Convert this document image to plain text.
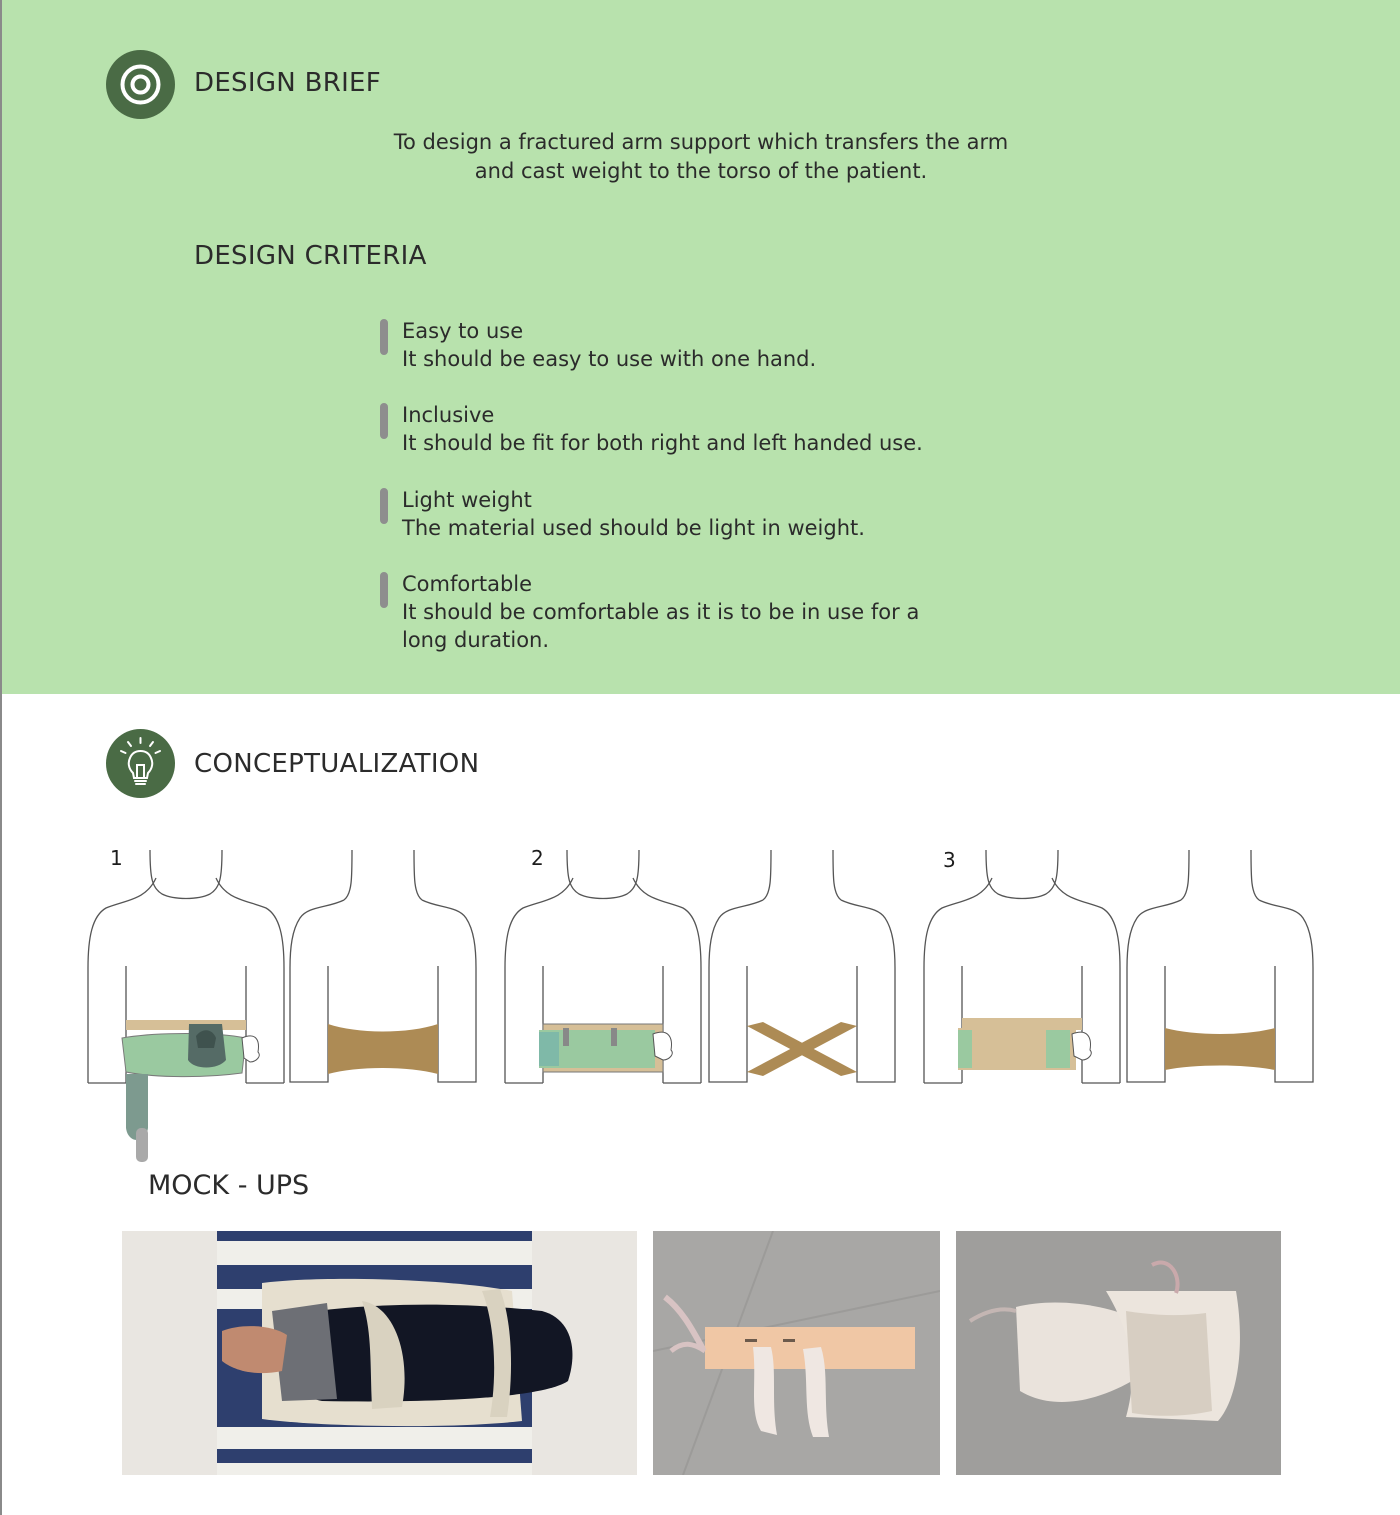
DESIGN BRIEF
To design a fractured arm support which transfers the arm
and cast weight to the torso of the patient.
DESIGN CRITERIA
Easy to use
It should be easy to use with one hand.
Inclusive
It should be fit for both right and left handed use.
Light weight
The material used should be light in weight.
Comfortable
It should be comfortable as it is to be in use for a long duration.
CONCEPTUALIZATION
1	2	3
MOCK - UPS
